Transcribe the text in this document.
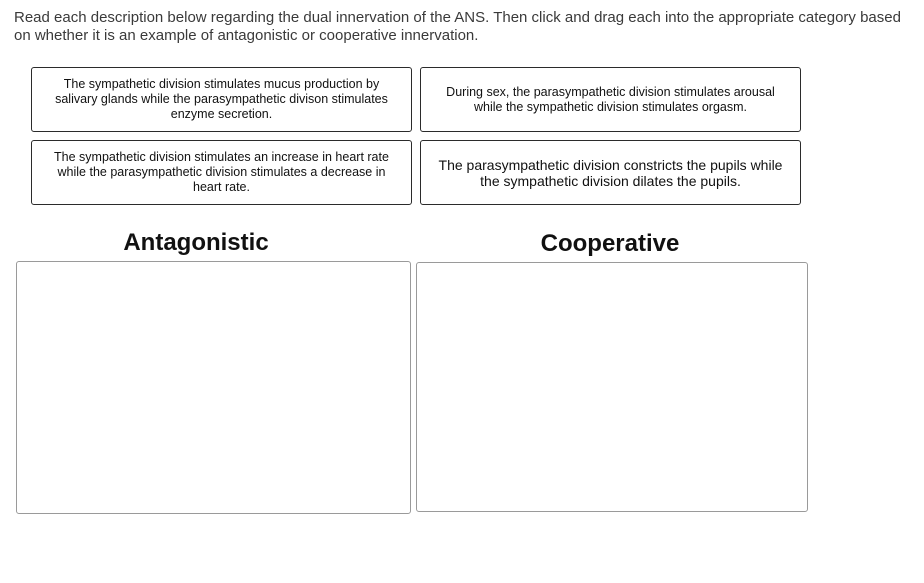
Read each description below regarding the dual innervation of the ANS. Then click and drag each into the appropriate category based on whether it is an example of antagonistic or cooperative innervation.
The sympathetic division stimulates mucus production by salivary glands while the parasympathetic divison stimulates enzyme secretion.
During sex, the parasympathetic division stimulates arousal while the sympathetic division stimulates orgasm.
The sympathetic division stimulates an increase in heart rate while the parasympathetic division stimulates a decrease in heart rate.
The parasympathetic division constricts the pupils while the sympathetic division dilates the pupils.
Antagonistic	Cooperative
